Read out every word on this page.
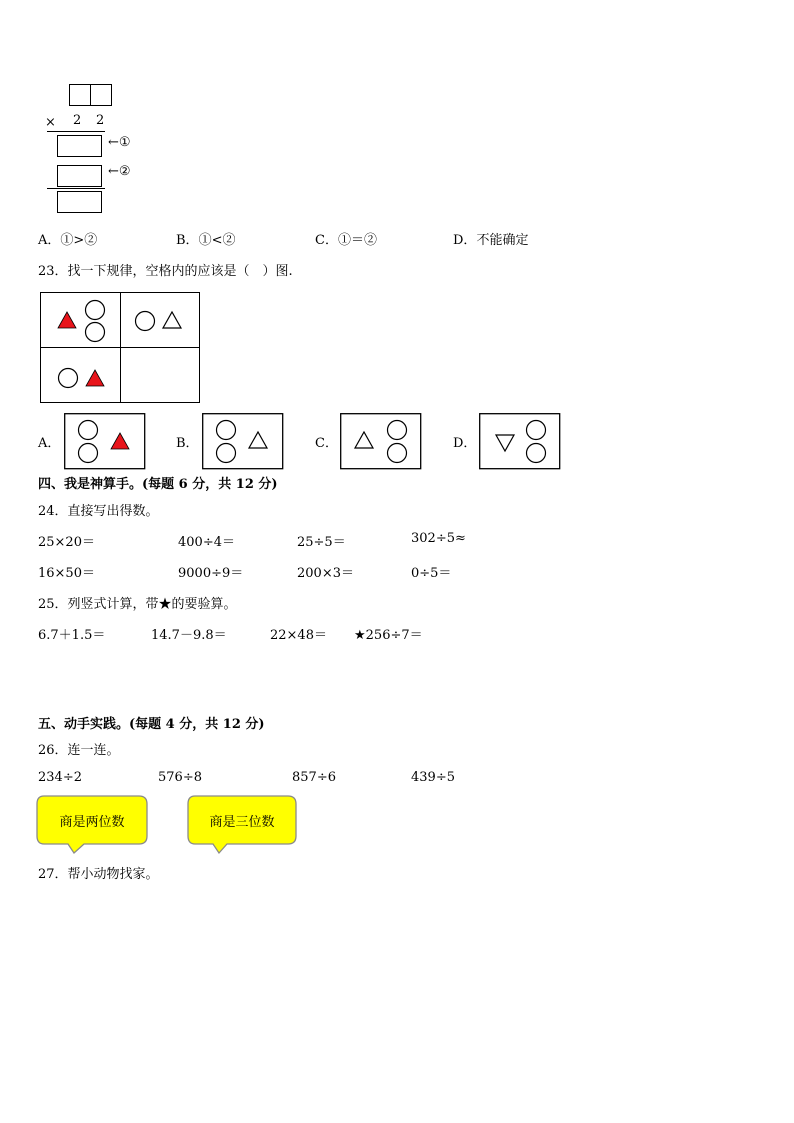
× 2 2
←①
←②
A．①>②	B．①<②	C．①＝②	D．不能确定
23．找一下规律，空格内的应该是（　）图.
A．	B．	C．	D．
四、我是神算手。(每题 6 分，共 12 分)
24．直接写出得数。
25×20＝	400÷4＝	25÷5＝	302÷5≈
16×50＝	9000÷9＝	200×3＝	0÷5＝
25．列竖式计算，带★的要验算。
6.7＋1.5＝	14.7－9.8＝	22×48＝ ★256÷7＝
五、动手实践。(每题 4 分，共 12 分)
26．连一连。
234÷2	576÷8	857÷6	439÷5
商是两位数	商是三位数
27．帮小动物找家。
